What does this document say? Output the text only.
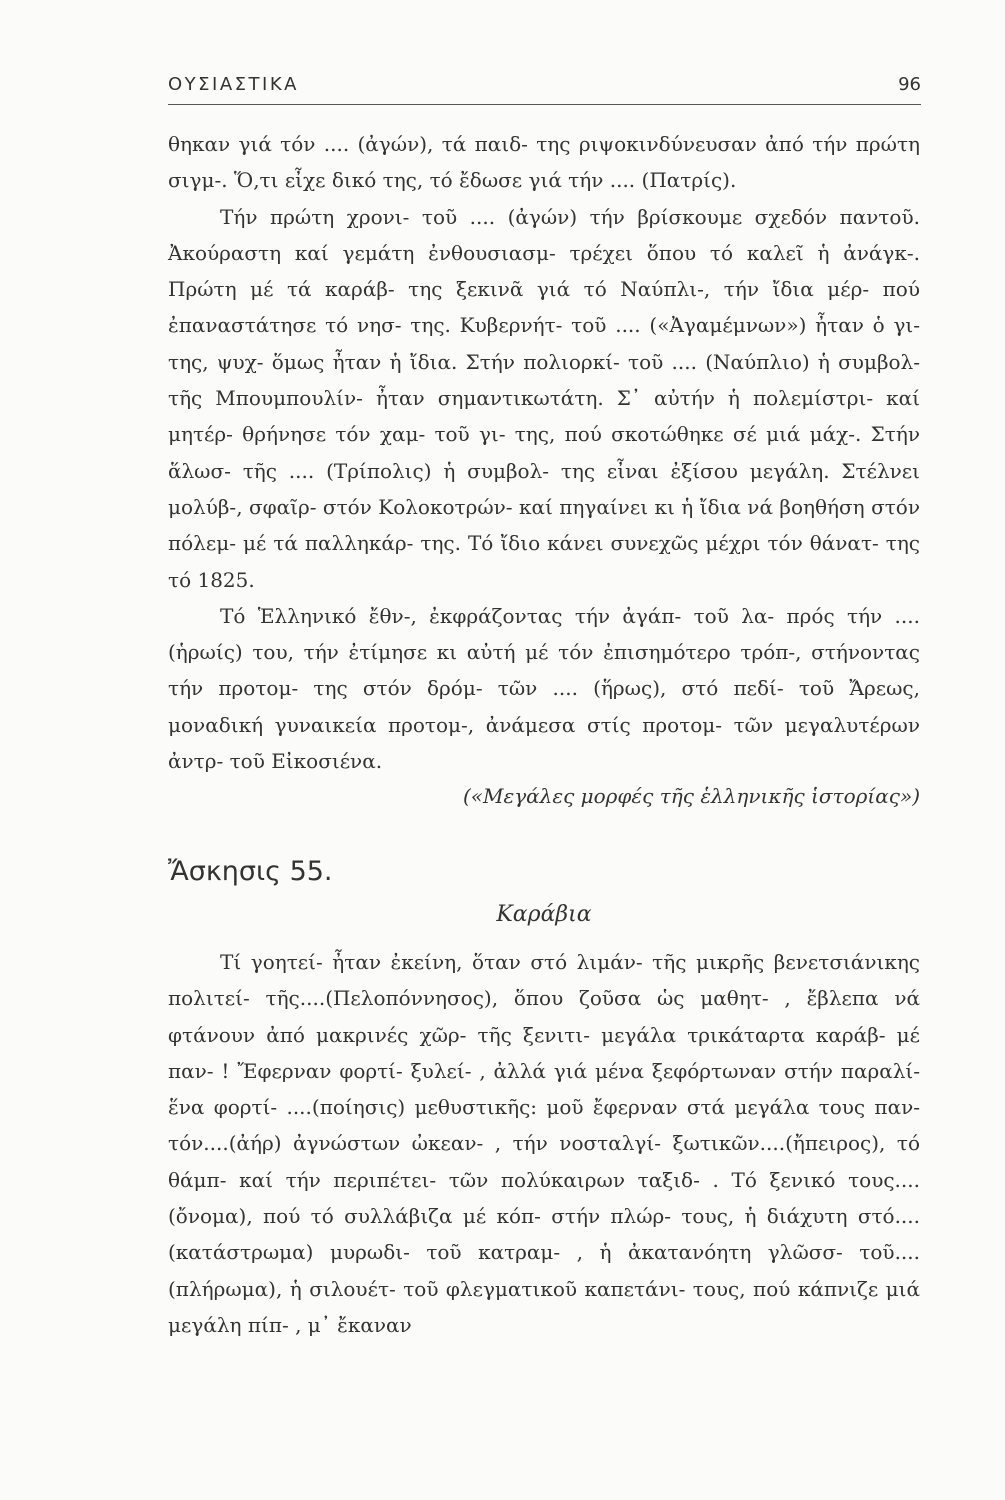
ΟΥΣΙΑΣΤΙΚΑ	96

θηκαν γιά τόν .... (ἀγών), τά παιδ- της ριψοκινδύνευσαν ἀπό τήν πρώτη σιγμ-. Ὅ,τι εἶχε δικό της, τό ἔδωσε γιά τήν .... (Πατρίς).

Τήν πρώτη χρονι- τοῦ .... (ἀγών) τήν βρίσκουμε σχεδόν παντοῦ. Ἀκούραστη καί γεμάτη ἐνθουσιασμ- τρέχει ὅπου τό καλεῖ ἡ ἀνάγκ-. Πρώτη μέ τά καράβ- της ξεκινᾶ γιά τό Ναύπλι-, τήν ἴδια μέρ- πού ἐπαναστάτησε τό νησ- της. Κυβερνήτ- τοῦ .... («Ἀγαμέμνων») ἦταν ὁ γι- της, ψυχ- ὅμως ἦταν ἡ ἴδια. Στήν πολιορκί- τοῦ .... (Ναύπλιο) ἡ συμβολ- τῆς Μπουμπουλίν- ἦταν σημαντικωτάτη. Σ᾽ αὐτήν ἡ πολεμίστρι- καί μητέρ- θρήνησε τόν χαμ- τοῦ γι- της, πού σκοτώθηκε σέ μιά μάχ-. Στήν ἅλωσ- τῆς .... (Τρίπολις) ἡ συμβολ- της εἶναι ἐξίσου μεγάλη. Στέλνει μολύβ-, σφαῖρ- στόν Κολοκοτρών- καί πηγαίνει κι ἡ ἴδια νά βοηθήση στόν πόλεμ- μέ τά παλληκάρ- της. Τό ἴδιο κάνει συνεχῶς μέχρι τόν θάνατ- της τό 1825.

Τό Ἑλληνικό ἔθν-, ἐκφράζοντας τήν ἀγάπ- τοῦ λα- πρός τήν .... (ἡρωίς) του, τήν ἐτίμησε κι αὐτή μέ τόν ἐπισημότερο τρόπ-, στήνοντας τήν προτομ- της στόν δρόμ- τῶν .... (ἥρως), στό πεδί- τοῦ Ἄρεως, μοναδική γυναικεία προτομ-, ἀνάμεσα στίς προτομ- τῶν μεγαλυτέρων ἀντρ- τοῦ Εἰκοσιένα.

(«Μεγάλες μορφές τῆς ἑλληνικῆς ἱστορίας»)
Ἄσκησις 55.
Καράβια

Τί γοητεί- ἦταν ἐκείνη, ὅταν στό λιμάν- τῆς μικρῆς βενετσιάνικης πολιτεί- τῆς....(Πελοπόννησος), ὅπου ζοῦσα ὡς μαθητ- , ἔβλεπα νά φτάνουν ἀπό μακρινές χῶρ- τῆς ξενιτι- μεγάλα τρικάταρτα καράβ- μέ παν- ! Ἔφερναν φορτί- ξυλεί- , ἀλλά γιά μένα ξεφόρτωναν στήν παραλί- ἕνα φορτί- ....(ποίησις) μεθυστικῆς: μοῦ ἔφερναν στά μεγάλα τους παν- τόν....(ἀήρ) ἀγνώστων ὠκεαν- , τήν νοσταλγί- ξωτικῶν....(ἤπειρος), τό θάμπ- καί τήν περιπέτει- τῶν πολύκαιρων ταξιδ- . Τό ξενικό τους....(ὄνομα), πού τό συλλάβιζα μέ κόπ- στήν πλώρ- τους, ἡ διάχυτη στό....(κατάστρωμα) μυρωδι- τοῦ κατραμ- , ἡ ἀκατανόητη γλῶσσ- τοῦ....(πλήρωμα), ἡ σιλουέτ- τοῦ φλεγματικοῦ καπετάνι- τους, πού κάπνιζε μιά μεγάλη πίπ- , μ᾽ ἔκαναν
